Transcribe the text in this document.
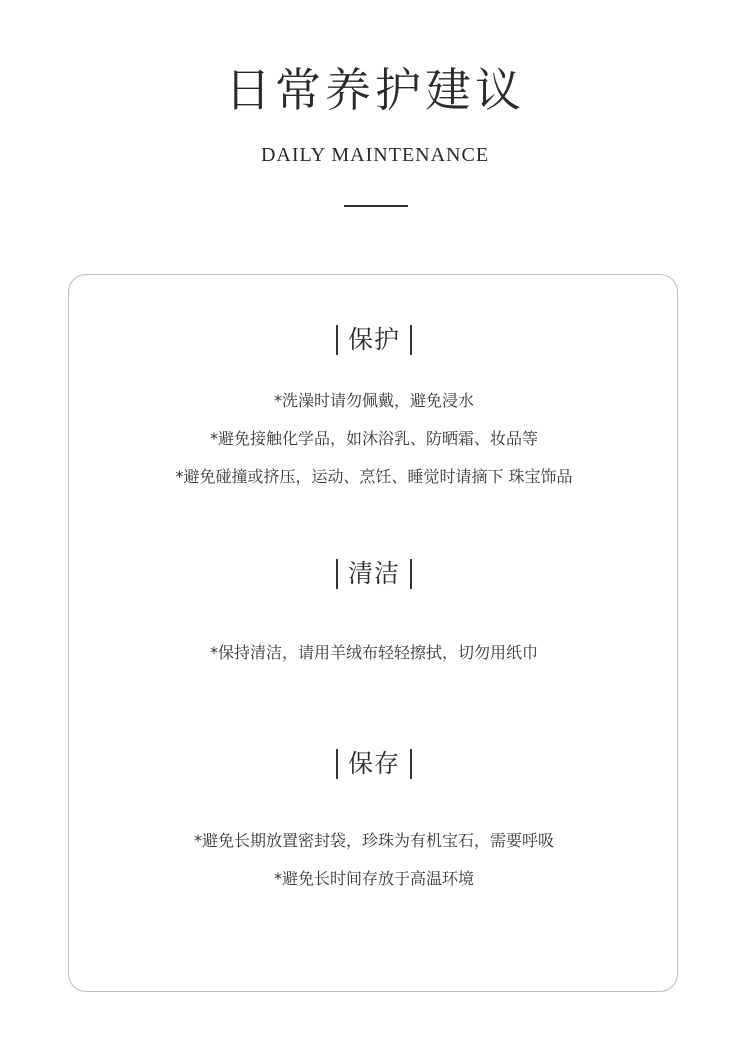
日常养护建议
DAILY MAINTENANCE
保护
*洗澡时请勿佩戴，避免浸水
*避免接触化学品，如沐浴乳、防晒霜、妆品等
*避免碰撞或挤压，运动、烹饪、睡觉时请摘下 珠宝饰品
清洁
*保持清洁，请用羊绒布轻轻擦拭，切勿用纸巾
保存
*避免长期放置密封袋，珍珠为有机宝石，需要呼吸
*避免长时间存放于高温环境
